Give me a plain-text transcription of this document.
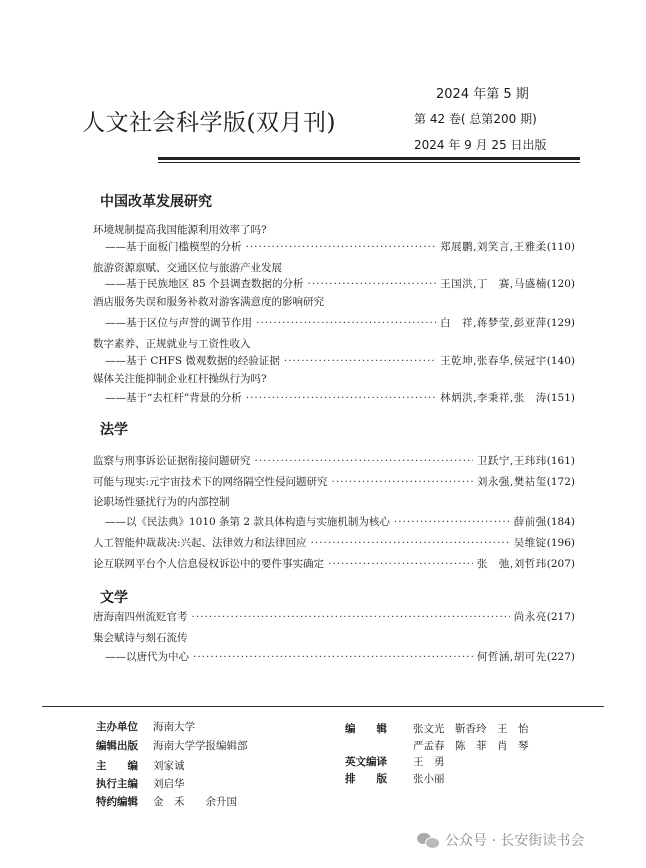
2024 年第 5 期
人文社会科学版(双月刊)	第 42 卷( 总第200 期)
2024 年 9 月 25 日出版
中国改革发展研究
环境规制提高我国能源利用效率了吗?
——基于面板门槛模型的分析 ·····	郑展鹏,刘笑言,王雅柔 (110)
旅游资源禀赋、交通区位与旅游产业发展
——基于民族地区 85 个县调查数据的分析 ·····	王国洪,丁　赛,马盛楠 (120)
酒店服务失误和服务补救对游客满意度的影响研究
——基于区位与声誉的调节作用 ·····	白　祥,蒋梦莹,彭亚萍 (129)
数字素养、正规就业与工资性收入
——基于 CHFS 微观数据的经验证据 ·····	王乾坤,张春华,侯冠宇 (140)
媒体关注能抑制企业杠杆操纵行为吗?
——基于“去杠杆”背景的分析 ·····	林炳洪,李秉祥,张　涛 (151)
法学
监察与刑事诉讼证据衔接问题研究 ·····	卫跃宁,王玮玮 (161)
可能与现实:元宇宙技术下的网络隔空性侵问题研究 ·····	刘永强,樊祜玺 (172)
论职场性骚扰行为的内部控制
——以《民法典》1010 条第 2 款具体构造与实施机制为核心 ·····	薛前强 (184)
人工智能仲裁裁决:兴起、法律效力和法律回应 ·····	吴维锭 (196)
论互联网平台个人信息侵权诉讼中的要件事实确定 ·····	张　弛,刘哲玮 (207)
文学
唐海南四州流贬官考 ·····	尚永亮 (217)
集会赋诗与刻石流传
——以唐代为中心 ·····	何哲涵,胡可先 (227)
主办单位 海南大学
编辑出版 海南大学学报编辑部
主　　编 刘家诚
执行主编 刘启华
特约编辑 金　禾　　余升国
编　　辑 张文光　靳香玲　王　怡
严孟春　陈　菲　肖　琴
英文编译 王　勇
排　　版 张小丽
公众号 · 长安街读书会
